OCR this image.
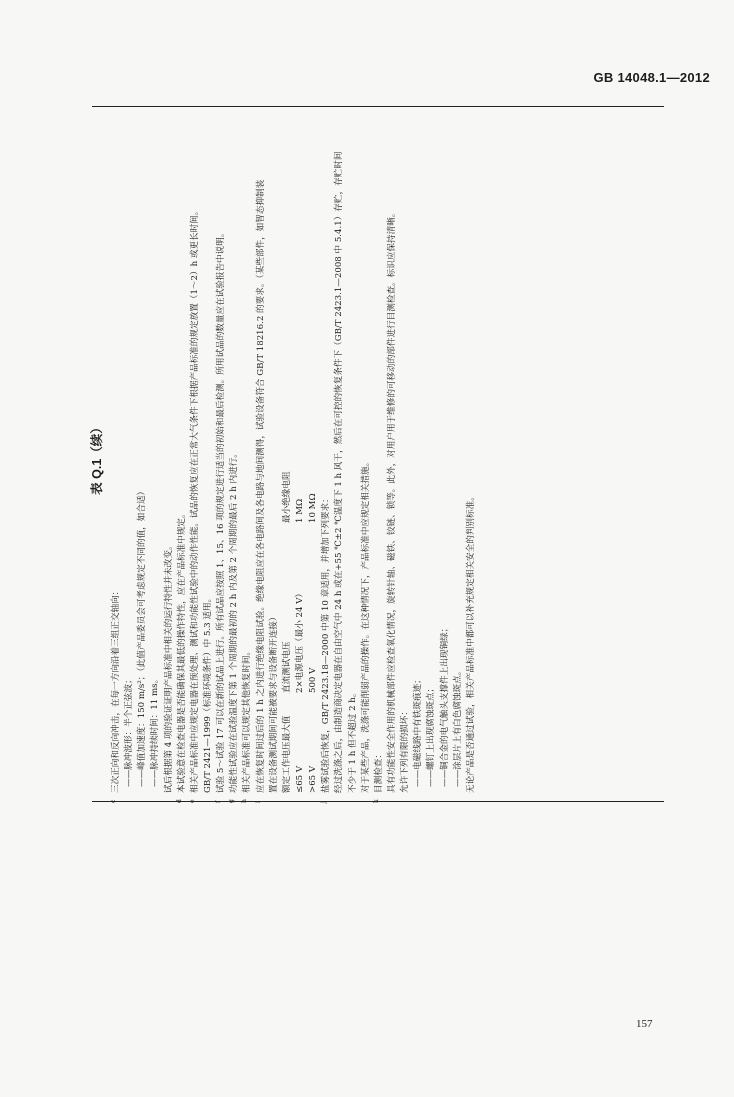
GB 14048.1—2012
表 Q.1（续）
c
三次正向和反向冲击，在每一方向沿着三组正交轴向： ——脉冲波形：半个正弦波； ——峰值加速度：150 m/s²；（此值产品委员会可考虑规定不同的值，如合适） ——脉冲持续时间：11 ms。 试后根据第 4 项的验证证明产品标准中相关的运行特性并未改变。
d
本试验意在检查电器是否能确保其最低的操作特性，应在产品标准中规定。
e
相关产品标准中应规定电器在预处理、测试和功能性试验中的动作性能。试品的恢复应在正常大气条件下根据产品标准的规定放置（1～2）h 或更长时间。 GB/T 2421—1999（标准环境条件）中 5.3 适用。
f
试验 5～试验 17 可以在新的试品上进行。所有试品应按照 1、15、16 项的规定进行适当的初始和最后检测。所用试品的数量应在试验报告中说明。
g
功能性试验应在试验温度下第 1 个周期的最初的 2 h 内及第 2 个周期的最后 2 h 内进行。
h
相关产品标准可以规定其他恢复时间。
i
应在恢复时间过后的 1 h 之内进行绝缘电阻试验。绝缘电阻应在各电路间及各电路与地间测得，试验设备符合 GB/T 18216.2 的要求。（某些部件，如智态抑制装 置在设备测试期间可能被要求与设备断开连接） 额定工作电压最大值
直流测试电压
最小绝缘电阻
≤65 V
2×电源电压（最小 24 V）
1 MΩ
>65 V
500 V
10 MΩ
j
盐雾试验后恢复，GB/T 2423.18—2000 中第 10 章适用，并增加下列要求： 经过洗涤之后，由制造商决定电器在自由空气中 24 h 或在+55 ℃±2 ℃温度下 1 h 风干，然后在可控的恢复条件下（GB/T 2423.1—2008 中 5.4.1）存贮，存贮时间 不少于 1 h 但不超过 2 h。 对于某些产品，洗涤可能削弱产品的操作。在这种情况下，产品标准中应规定相关措施。
k
目测检查： 具有功能性安全作用的机械部件应检查氧化情况，旋转针轴、磁铁、铰链、锁等。此外，对用户用于维修的可移动的部件进行目测检查。标识应保持清晰。 允许下列有限的损坏： ——电磁线路中有铁斑痕迹； ——螺钉上出现腐蚀斑点； ——铜合金的电气触头支撑件上出现铜绿； ——涂层片上有白色腐蚀斑点。 无论产品是否通过试验，相关产品标准中都可以补充规定相关安全的判别标准。
157
